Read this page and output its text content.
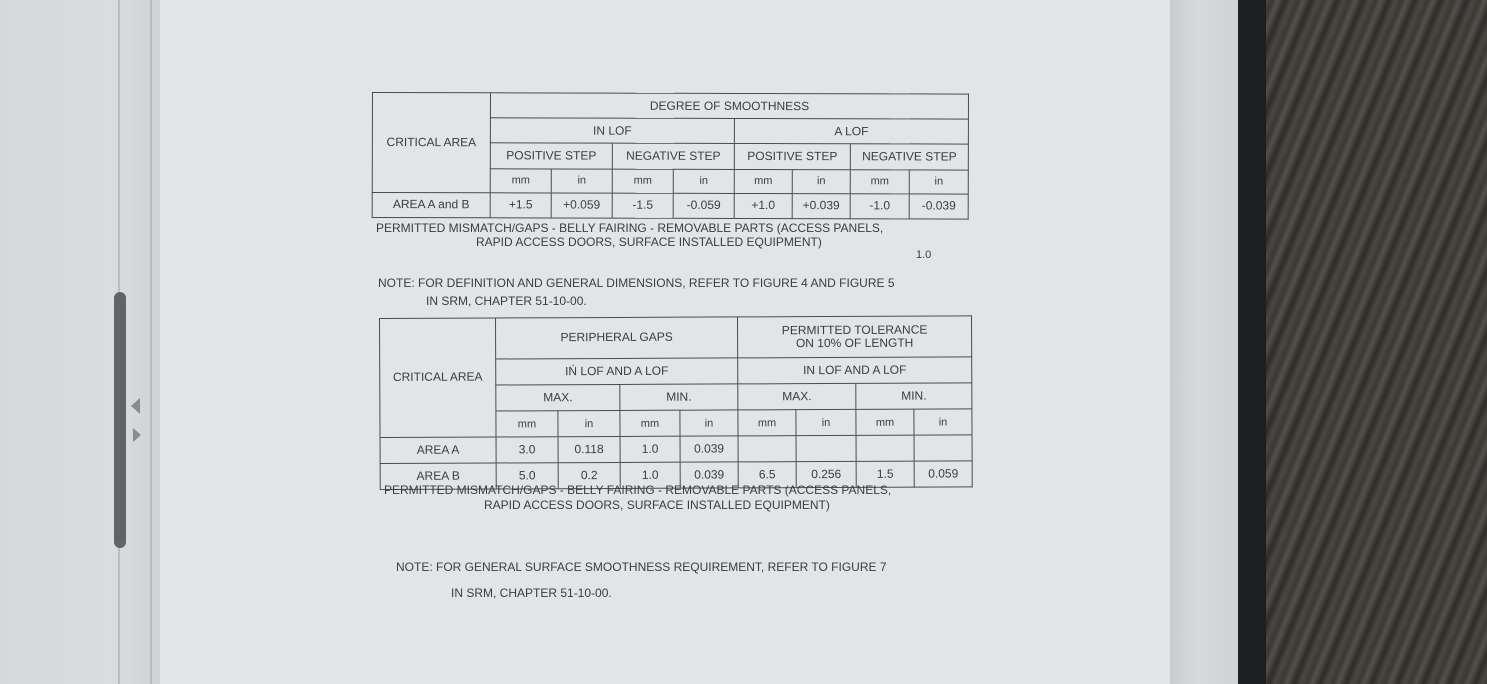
CRITICAL AREA	DEGREE OF SMOOTHNESS							
	IN LOF				A LOF			
	POSITIVE STEP		NEGATIVE STEP		POSITIVE STEP		NEGATIVE STEP	
	mm	in	mm	in	mm	in	mm	in
AREA A and B	+1.5	+0.059	-1.5	-0.059	+1.0	+0.039	-1.0	-0.039
PERMITTED MISMATCH/GAPS - BELLY FAIRING - REMOVABLE PARTS (ACCESS PANELS,
RAPID ACCESS DOORS, SURFACE INSTALLED EQUIPMENT)
1.0
NOTE: FOR DEFINITION AND GENERAL DIMENSIONS, REFER TO FIGURE 4 AND FIGURE 5
IN SRM, CHAPTER 51-10-00.
CRITICAL AREA	PERIPHERAL GAPS				PERMITTED TOLERANCE
ON 10% OF LENGTH			

	IŃ LOF AND A LOF				IN LOF AND A LOF			
	MAX.		MIN.		MAX.		MIN.	
	mm	in	mm	in	mm	in	mm	in
AREA A	3.0	0.118	1.0	0.039				
AREA B	5.0	0.2	1.0	0.039	6.5	0.256	1.5	0.059
PERMITTED MISMATCH/GAPS - BELLY FAIRING - REMOVABLE PARTS (ACCESS PANELS,
RAPID ACCESS DOORS, SURFACE INSTALLED EQUIPMENT)
NOTE: FOR GENERAL SURFACE SMOOTHNESS REQUIREMENT, REFER TO FIGURE 7
IN SRM, CHAPTER 51-10-00.
